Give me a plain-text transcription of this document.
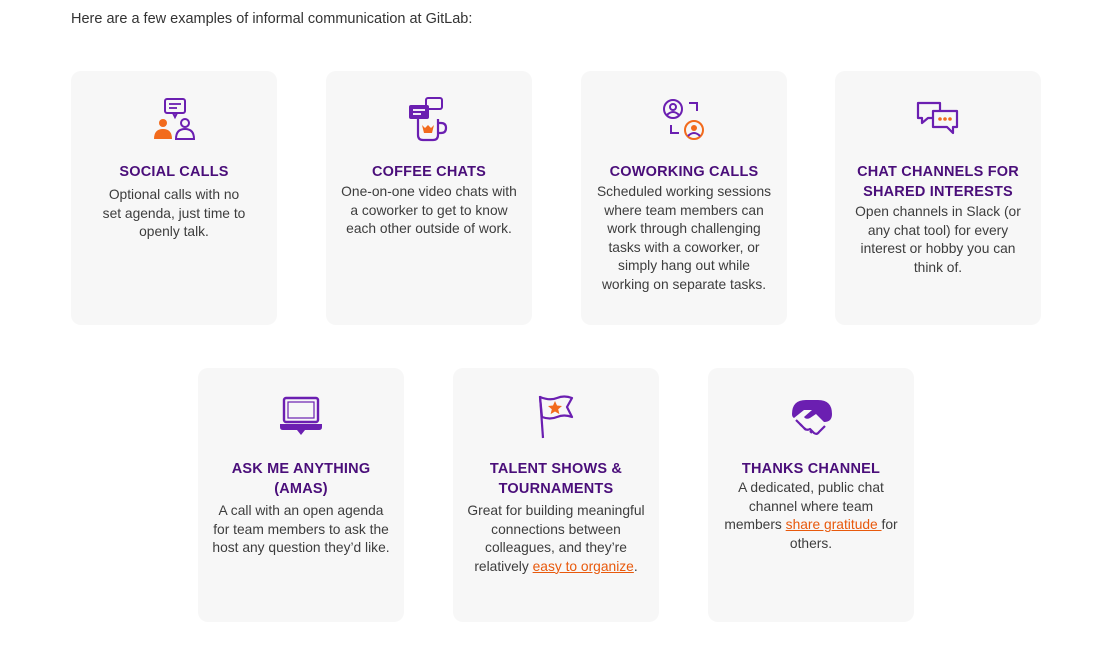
Here are a few examples of informal communication at GitLab:
SOCIAL CALLS
Optional calls with no set agenda, just time to openly talk.
COFFEE CHATS
One-on-one video chats with a coworker to get to know each other outside of work.
COWORKING CALLS
Scheduled working sessions where team members can work through challenging tasks with a coworker, or simply hang out while working on separate tasks.
CHAT CHANNELS FOR SHARED INTERESTS
Open channels in Slack (or any chat tool) for every interest or hobby you can think of.
ASK ME ANYTHING (AMAS)
A call with an open agenda for team members to ask the host any question they’d like.
TALENT SHOWS & TOURNAMENTS
Great for building meaningful connections between colleagues, and they’re relatively easy to organize.
THANKS CHANNEL
A dedicated, public chat channel where team members share gratitude for others.
